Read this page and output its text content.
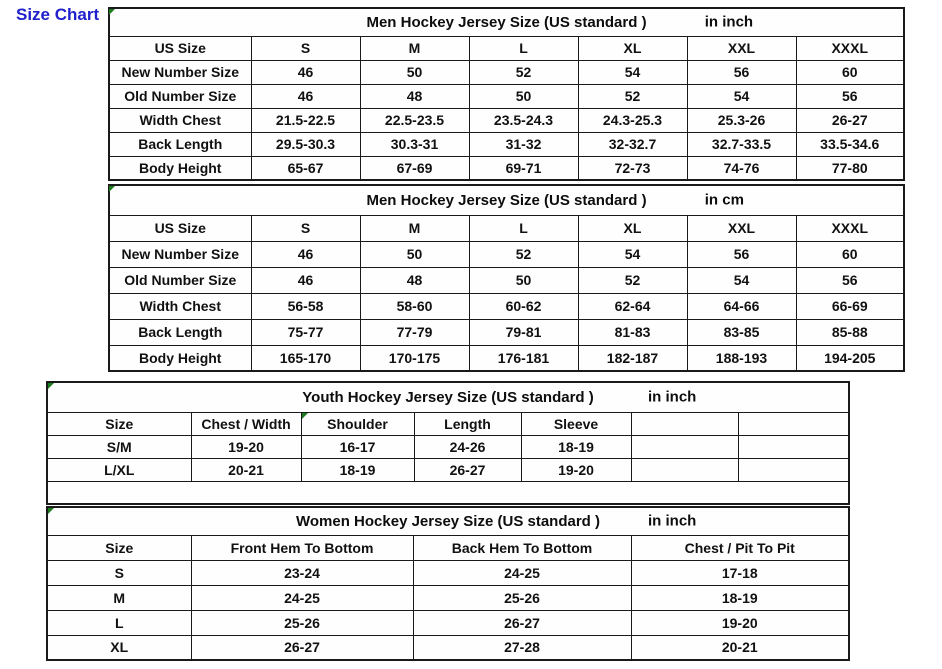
Size Chart	Men Hockey Jersey Size (US standard ) in inch						

US Size	S	M	L	XL	XXL	XXXL
New Number Size	46	50	52	54	56	60
Old Number Size	46	48	50	52	54	56
Width Chest	21.5-22.5	22.5-23.5	23.5-24.3	24.3-25.3	25.3-26	26-27
Back Length	29.5-30.3	30.3-31	31-32	32-32.7	32.7-33.5	33.5-34.6
Body Height	65-67	67-69	69-71	72-73	74-76	77-80
Men Hockey Jersey Size (US standard ) in cm						

US Size	S	M	L	XL	XXL	XXXL
New Number Size	46	50	52	54	56	60
Old Number Size	46	48	50	52	54	56
Width Chest	56-58	58-60	60-62	62-64	64-66	66-69
Back Length	75-77	77-79	79-81	81-83	83-85	85-88
Body Height	165-170	170-175	176-181	182-187	188-193	194-205
Youth Hockey Jersey Size (US standard ) in inch						

Size	Chest / Width	Shoulder	Length	Sleeve		
S/M	19-20	16-17	24-26	18-19		
L/XL	20-21	18-19	26-27	19-20		

Women Hockey Jersey Size (US standard ) in inch			

Size	Front Hem To Bottom	Back Hem To Bottom	Chest / Pit To Pit
S	23-24	24-25	17-18
M	24-25	25-26	18-19
L	25-26	26-27	19-20
XL	26-27	27-28	20-21
